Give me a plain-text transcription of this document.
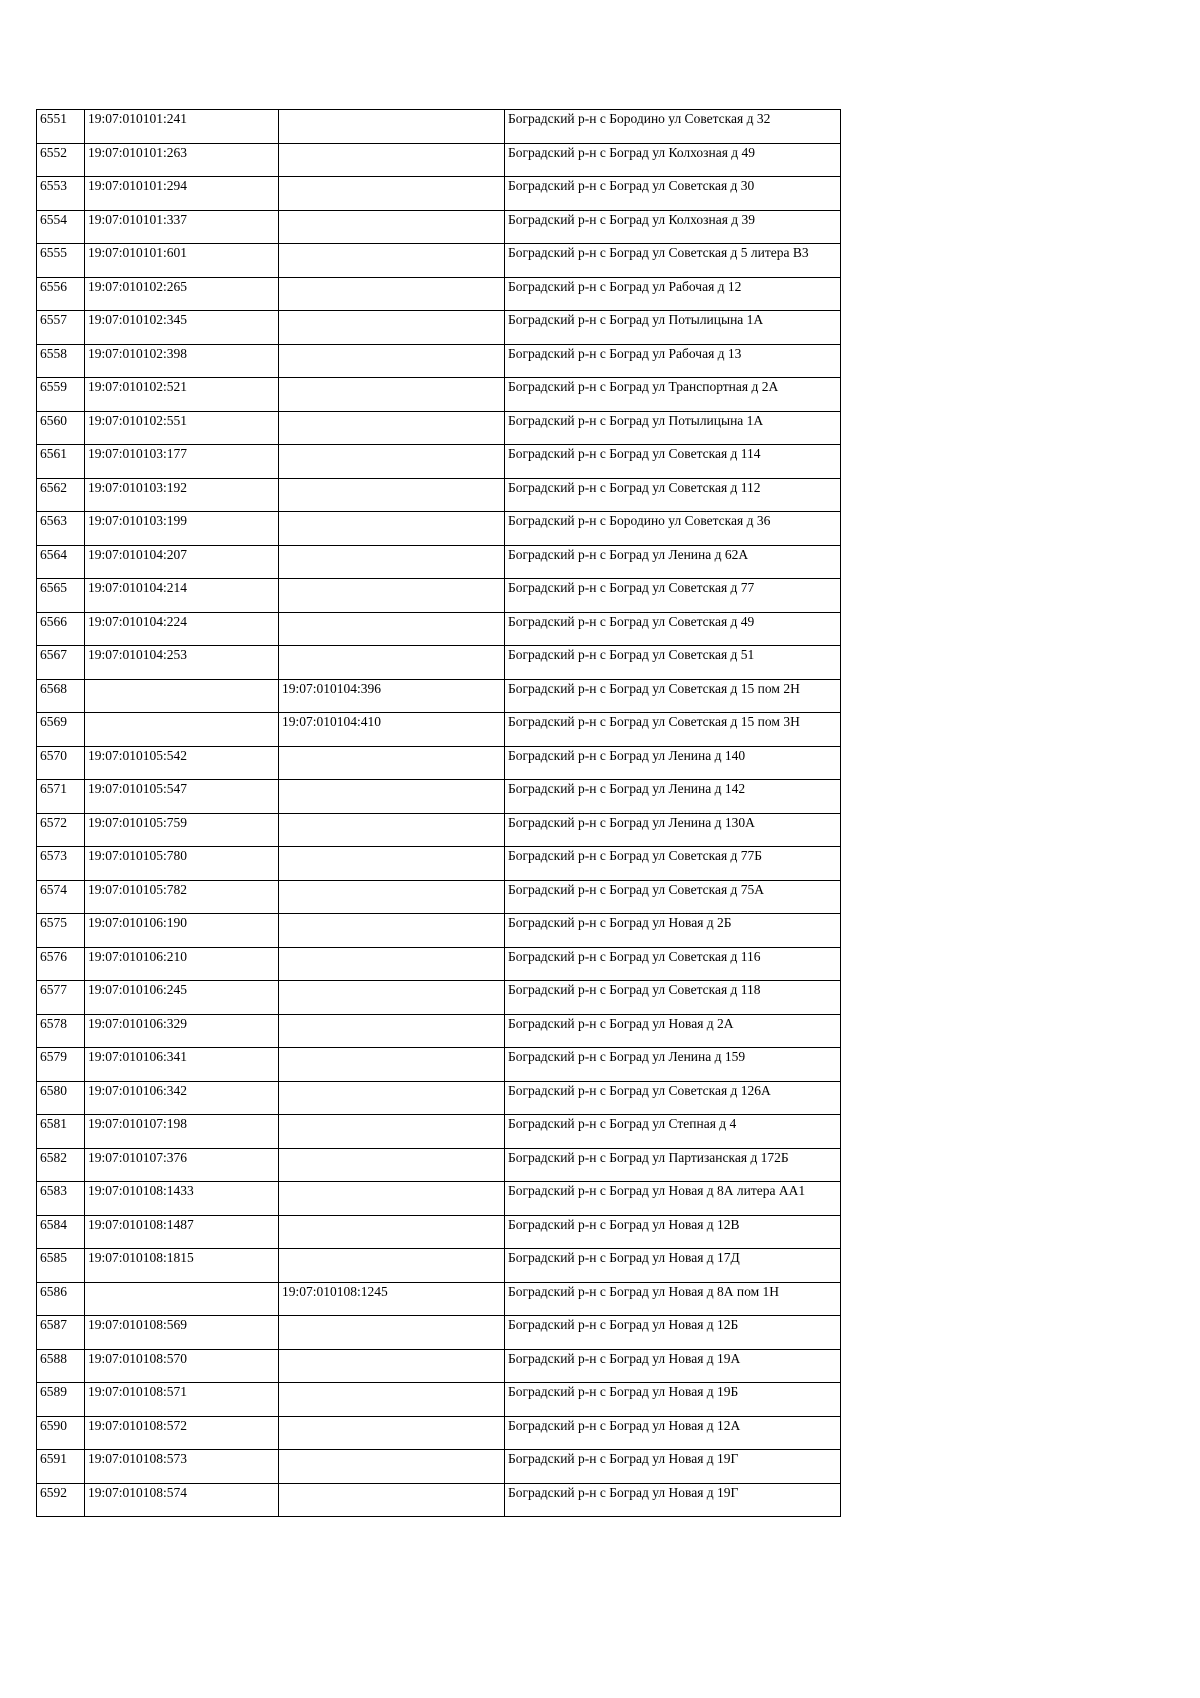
6551	19:07:010101:241		Боградский р-н с Бородино ул Советская д 32
6552	19:07:010101:263		Боградский р-н с Боград ул Колхозная д 49
6553	19:07:010101:294		Боградский р-н с Боград ул Советская д 30
6554	19:07:010101:337		Боградский р-н с Боград ул Колхозная д 39
6555	19:07:010101:601		Боградский р-н с Боград ул Советская д 5 литера В3
6556	19:07:010102:265		Боградский р-н с Боград ул Рабочая д 12
6557	19:07:010102:345		Боградский р-н с Боград ул Потылицына 1А
6558	19:07:010102:398		Боградский р-н с Боград ул Рабочая д 13
6559	19:07:010102:521		Боградский р-н с Боград ул Транспортная д 2А
6560	19:07:010102:551		Боградский р-н с Боград ул Потылицына 1А
6561	19:07:010103:177		Боградский р-н с Боград ул Советская д 114
6562	19:07:010103:192		Боградский р-н с Боград ул Советская д 112
6563	19:07:010103:199		Боградский р-н с Бородино ул Советская д 36
6564	19:07:010104:207		Боградский р-н с Боград ул Ленина д 62А
6565	19:07:010104:214		Боградский р-н с Боград ул Советская д 77
6566	19:07:010104:224		Боградский р-н с Боград ул Советская д 49
6567	19:07:010104:253		Боградский р-н с Боград ул Советская д 51
6568		19:07:010104:396	Боградский р-н с Боград ул Советская д 15 пом 2Н
6569		19:07:010104:410	Боградский р-н с Боград ул Советская д 15 пом 3Н
6570	19:07:010105:542		Боградский р-н с Боград ул Ленина д 140
6571	19:07:010105:547		Боградский р-н с Боград ул Ленина д 142
6572	19:07:010105:759		Боградский р-н с Боград ул Ленина д 130А
6573	19:07:010105:780		Боградский р-н с Боград ул Советская д 77Б
6574	19:07:010105:782		Боградский р-н с Боград ул Советская д 75А
6575	19:07:010106:190		Боградский р-н с Боград ул Новая д 2Б
6576	19:07:010106:210		Боградский р-н с Боград ул Советская д 116
6577	19:07:010106:245		Боградский р-н с Боград ул Советская д 118
6578	19:07:010106:329		Боградский р-н с Боград ул Новая д 2А
6579	19:07:010106:341		Боградский р-н с Боград ул Ленина д 159
6580	19:07:010106:342		Боградский р-н с Боград ул Советская д 126А
6581	19:07:010107:198		Боградский р-н с Боград ул Степная д 4
6582	19:07:010107:376		Боградский р-н с Боград ул Партизанская д 172Б
6583	19:07:010108:1433		Боградский р-н с Боград ул Новая д 8А литера АА1
6584	19:07:010108:1487		Боградский р-н с Боград ул Новая д 12В
6585	19:07:010108:1815		Боградский р-н с Боград ул Новая д 17Д
6586		19:07:010108:1245	Боградский р-н с Боград ул Новая д 8А пом 1Н
6587	19:07:010108:569		Боградский р-н с Боград ул Новая д 12Б
6588	19:07:010108:570		Боградский р-н с Боград ул Новая д 19А
6589	19:07:010108:571		Боградский р-н с Боград ул Новая д 19Б
6590	19:07:010108:572		Боградский р-н с Боград ул Новая д 12А
6591	19:07:010108:573		Боградский р-н с Боград ул Новая д 19Г
6592	19:07:010108:574		Боградский р-н с Боград ул Новая д 19Г
